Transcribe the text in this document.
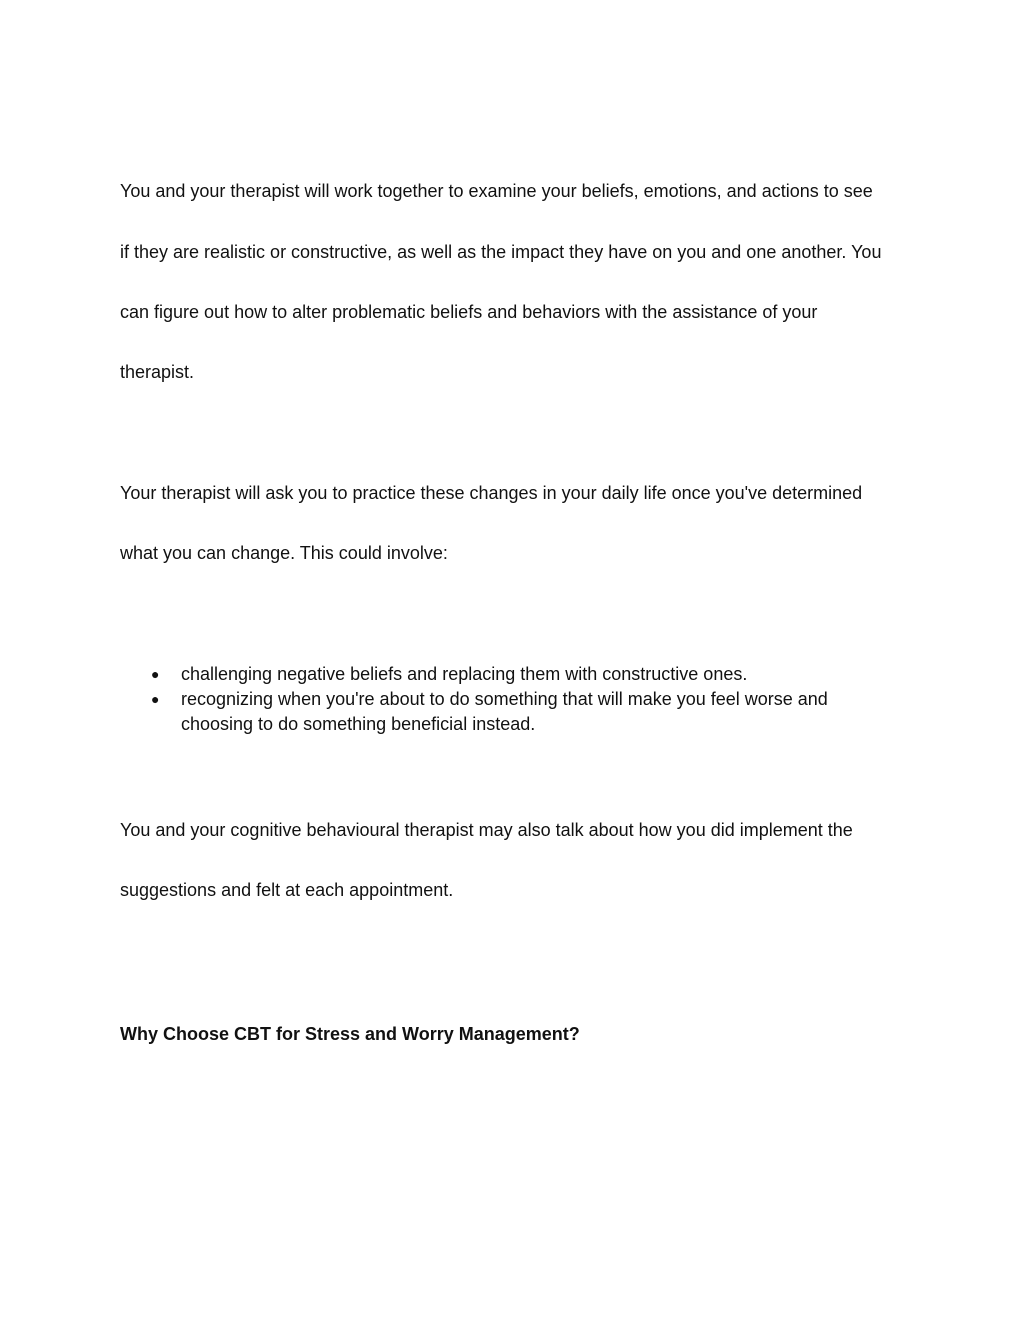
You and your therapist will work together to examine your beliefs, emotions, and actions to see
if they are realistic or constructive, as well as the impact they have on you and one another. You
can figure out how to alter problematic beliefs and behaviors with the assistance of your
therapist.
Your therapist will ask you to practice these changes in your daily life once you've determined
what you can change. This could involve:
● challenging negative beliefs and replacing them with constructive ones.
● recognizing when you're about to do something that will make you feel worse and
choosing to do something beneficial instead.
You and your cognitive behavioural therapist may also talk about how you did implement the
suggestions and felt at each appointment.
Why Choose CBT for Stress and Worry Management?
